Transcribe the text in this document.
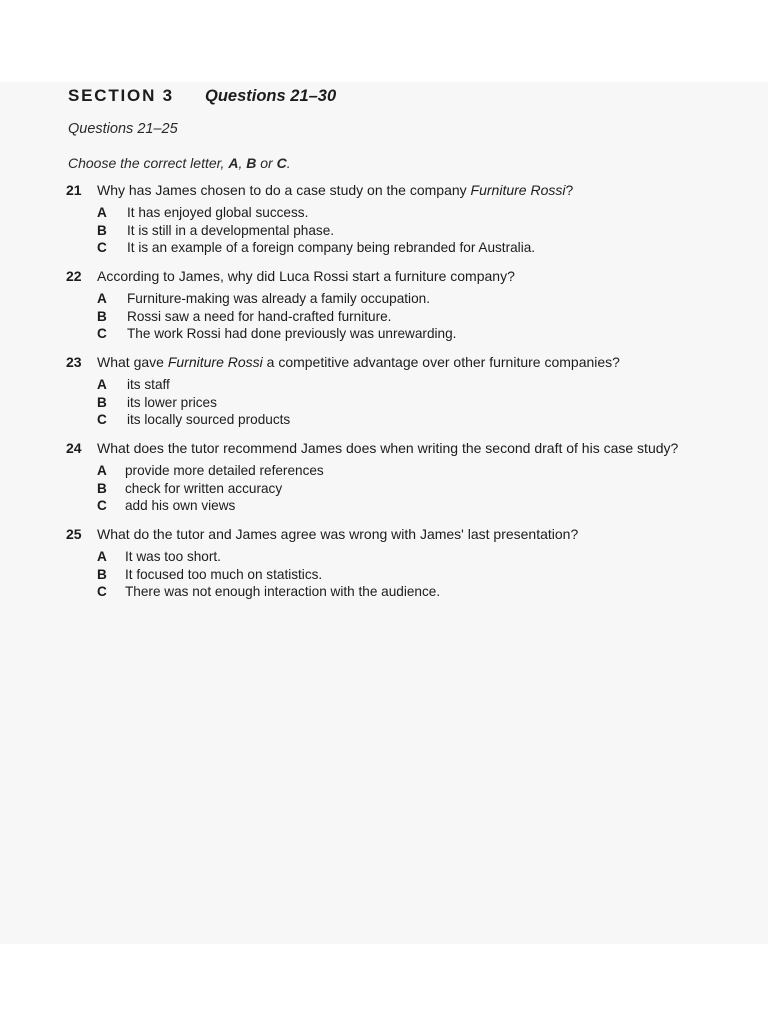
SECTION 3	Questions 21–30
Questions 21–25
Choose the correct letter, A, B or C.
21	Why has James chosen to do a case study on the company Furniture Rossi?
A	It has enjoyed global success.
B	It is still in a developmental phase.
C	It is an example of a foreign company being rebranded for Australia.
22	According to James, why did Luca Rossi start a furniture company?
A	Furniture-making was already a family occupation.
B	Rossi saw a need for hand-crafted furniture.
C	The work Rossi had done previously was unrewarding.
23	What gave Furniture Rossi a competitive advantage over other furniture companies?
A	its staff
B	its lower prices
C	its locally sourced products
24	What does the tutor recommend James does when writing the second draft of his case study?
A	provide more detailed references
B	check for written accuracy
C	add his own views
25	What do the tutor and James agree was wrong with James' last presentation?
A	It was too short.
B	It focused too much on statistics.
C	There was not enough interaction with the audience.
